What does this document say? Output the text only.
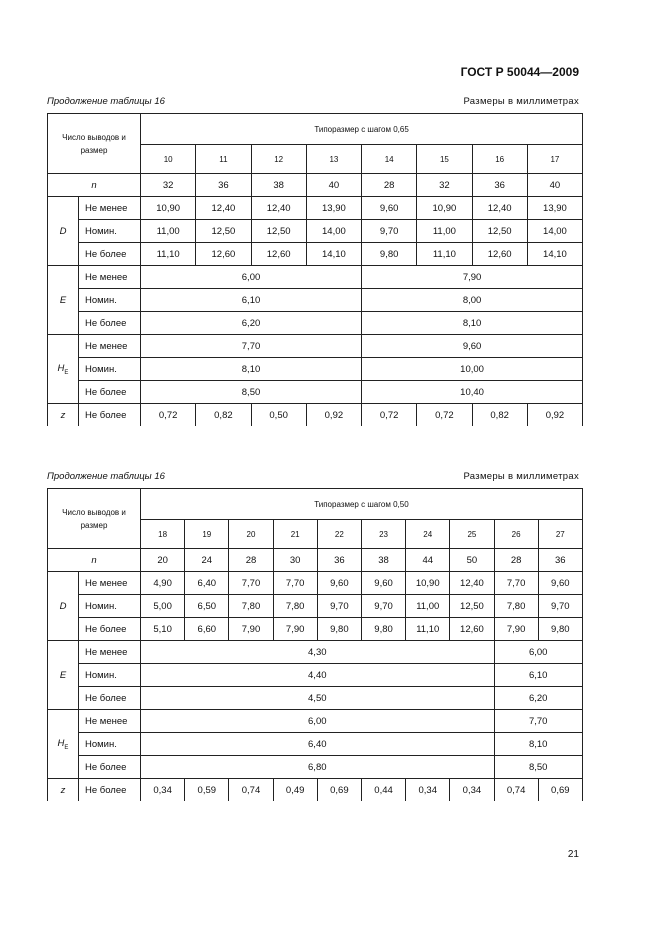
ГОСТ Р 50044—2009
Продолжение таблицы 16	Размеры в миллиметрах
Число выводов и размер		Типоразмер с шагом 0,65							
		10	11	12	13	14	15	16	17
n		32	36	38	40	28	32	36	40
D	Не менее	10,90	12,40	12,40	13,90	9,60	10,90	12,40	13,90
	Номин.	11,00	12,50	12,50	14,00	9,70	11,00	12,50	14,00
	Не более	11,10	12,60	12,60	14,10	9,80	11,10	12,60	14,10
E	Не менее	6,00				7,90			
	Номин.	6,10				8,00			
	Не более	6,20				8,10			
$H_E$	Не менее	7,70				9,60			
	Номин.	8,10				10,00			
	Не более	8,50				10,40			
z	Не более	0,72	0,82	0,50	0,92	0,72	0,72	0,82	0,92
Продолжение таблицы 16	Размеры в миллиметрах
Число выводов и размер		Типоразмер с шагом 0,50									
		18	19	20	21	22	23	24	25	26	27
n		20	24	28	30	36	38	44	50	28	36
D	Не менее	4,90	6,40	7,70	7,70	9,60	9,60	10,90	12,40	7,70	9,60
	Номин.	5,00	6,50	7,80	7,80	9,70	9,70	11,00	12,50	7,80	9,70
	Не более	5,10	6,60	7,90	7,90	9,80	9,80	11,10	12,60	7,90	9,80
E	Не менее	4,30								6,00	
	Номин.	4,40								6,10	
	Не более	4,50								6,20	
$H_E$	Не менее	6,00								7,70	
	Номин.	6,40								8,10	
	Не более	6,80								8,50	
z	Не более	0,34	0,59	0,74	0,49	0,69	0,44	0,34	0,34	0,74	0,69
21
